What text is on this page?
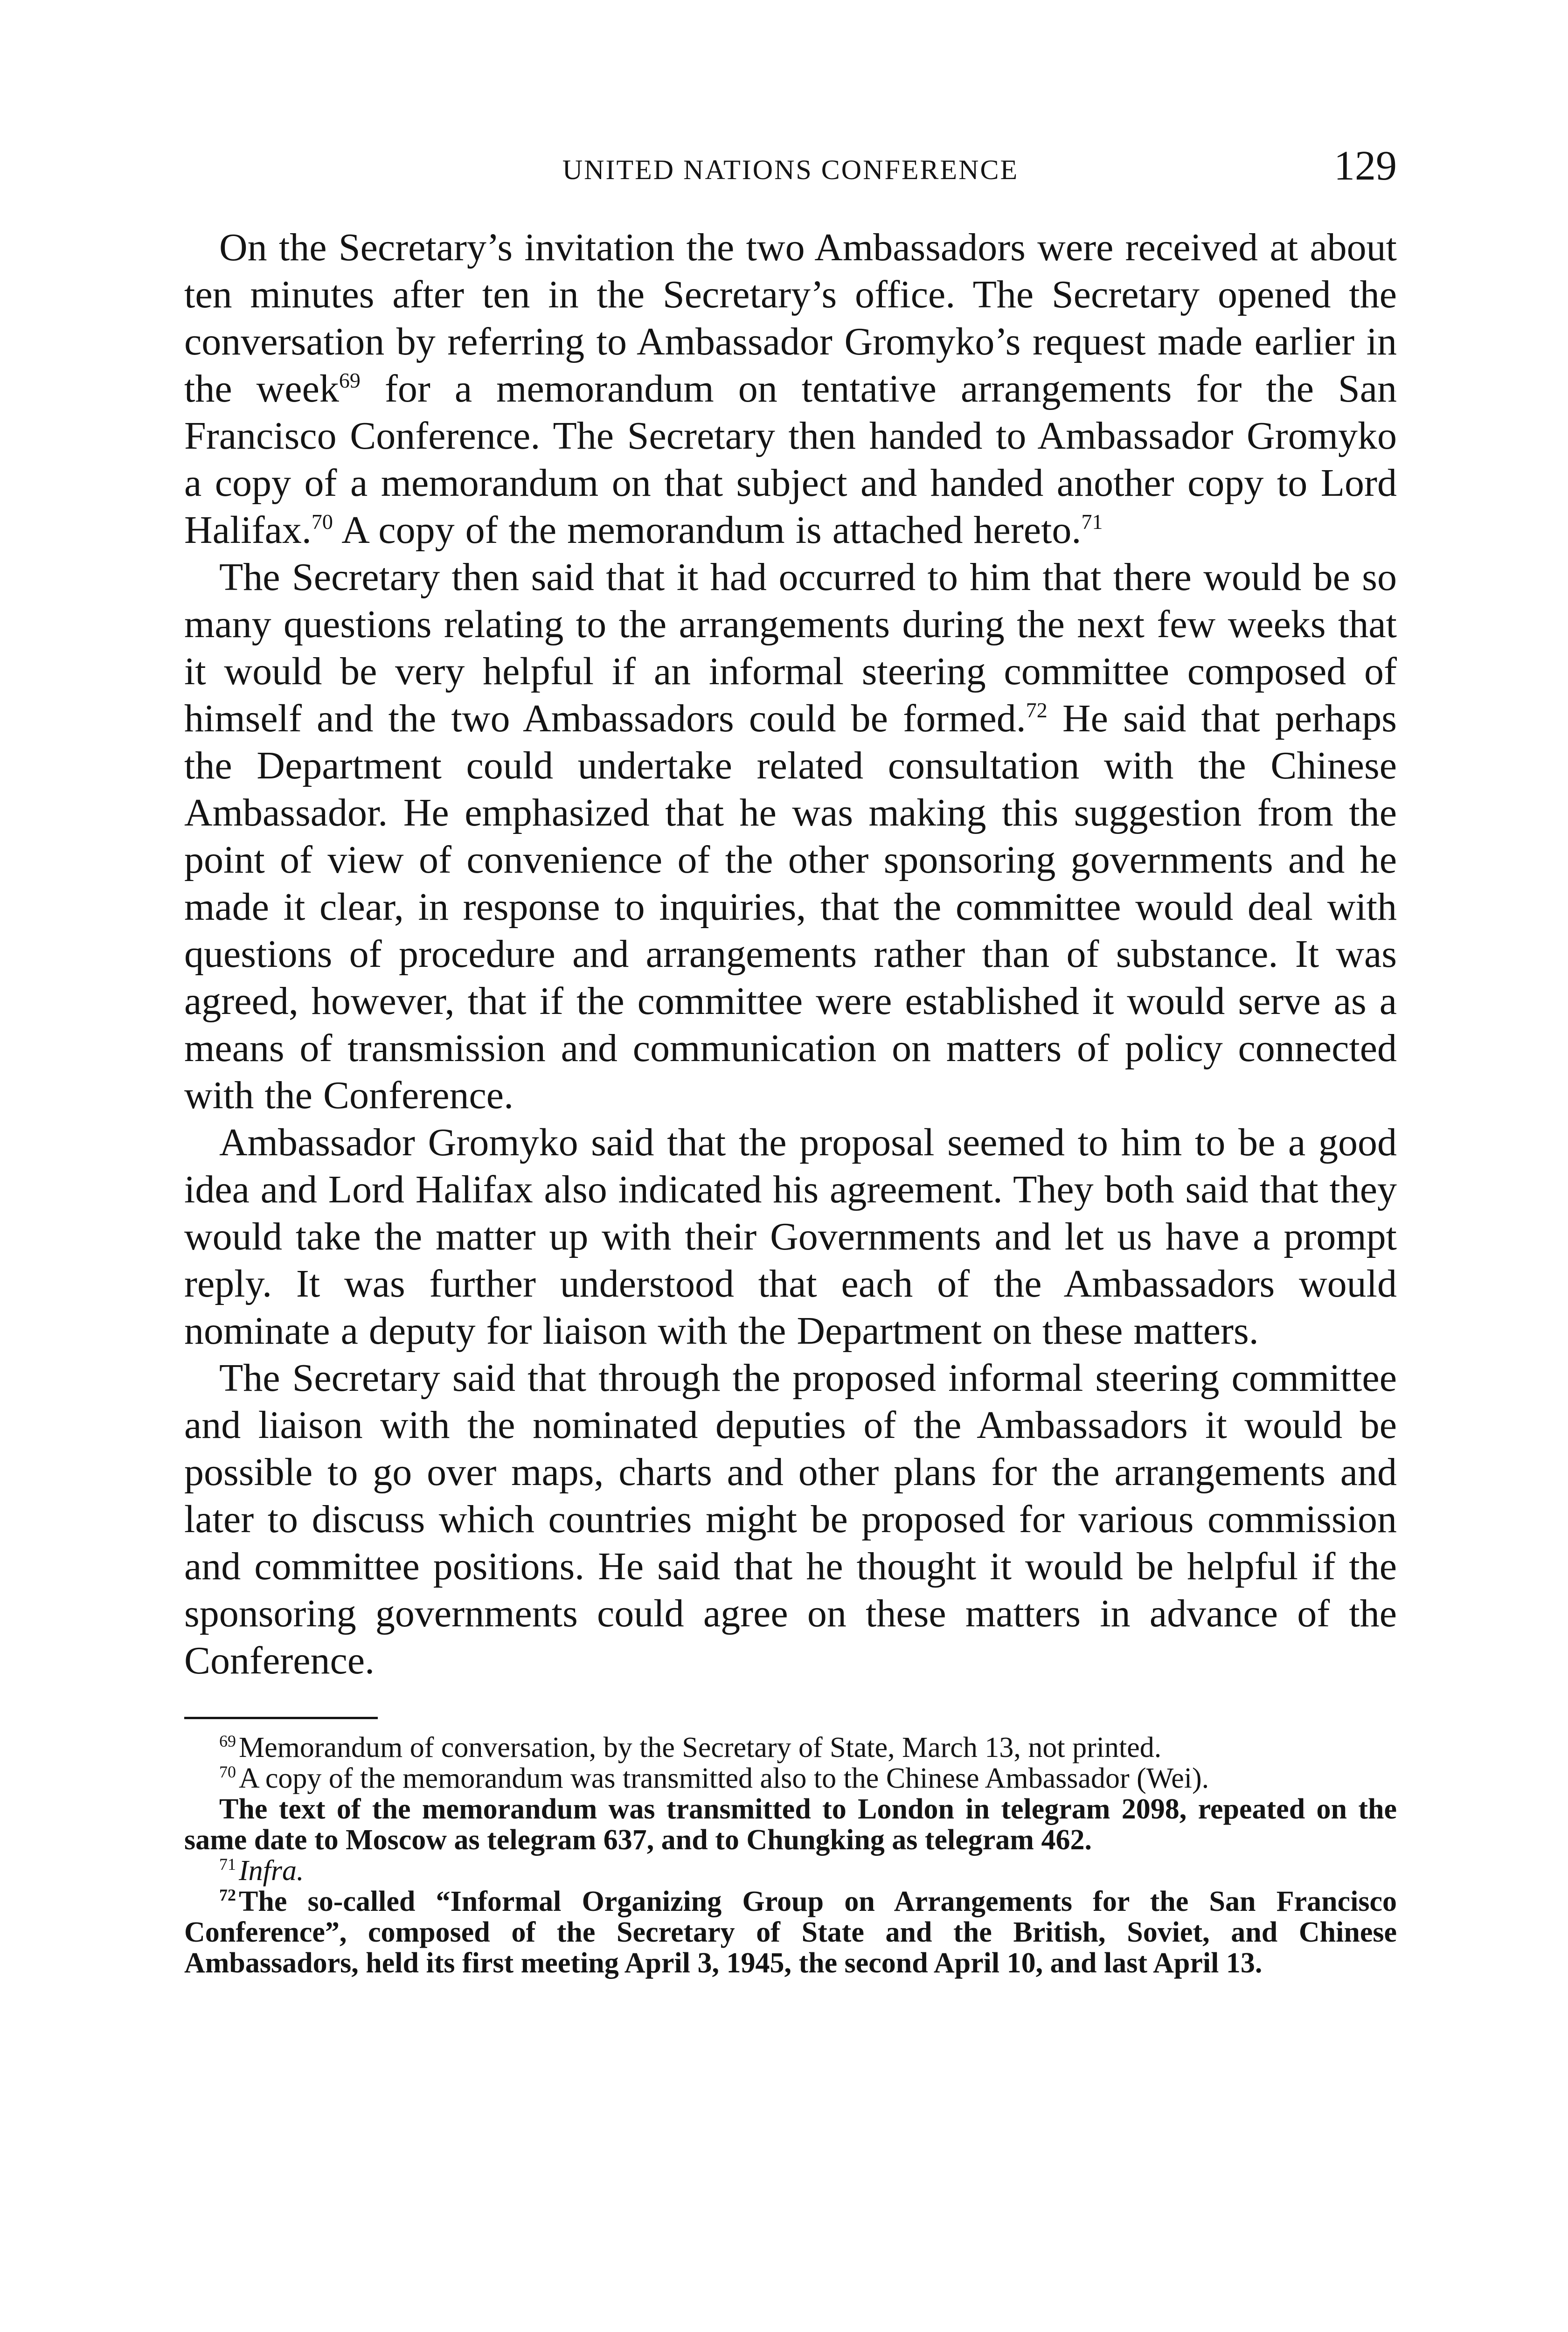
UNITED NATIONS CONFERENCE	129

On the Secretary’s invitation the two Ambassadors were received at about ten minutes after ten in the Secretary’s office. The Secretary opened the conversation by referring to Ambassador Gromyko’s request made earlier in the week$^{69}$ for a memorandum on tentative arrangements for the San Francisco Conference. The Secretary then handed to Ambassador Gromyko a copy of a memorandum on that subject and handed another copy to Lord Halifax.$^{70}$ A copy of the memorandum is attached hereto.$^{71}$

The Secretary then said that it had occurred to him that there would be so many questions relating to the arrangements during the next few weeks that it would be very helpful if an informal steering committee composed of himself and the two Ambassadors could be formed.$^{72}$ He said that perhaps the Department could undertake related consultation with the Chinese Ambassador. He emphasized that he was making this suggestion from the point of view of convenience of the other sponsoring governments and he made it clear, in response to inquiries, that the committee would deal with questions of procedure and arrangements rather than of substance. It was agreed, however, that if the committee were established it would serve as a means of transmission and communication on matters of policy connected with the Conference.

Ambassador Gromyko said that the proposal seemed to him to be a good idea and Lord Halifax also indicated his agreement. They both said that they would take the matter up with their Governments and let us have a prompt reply. It was further understood that each of the Ambassadors would nominate a deputy for liaison with the Department on these matters.

The Secretary said that through the proposed informal steering committee and liaison with the nominated deputies of the Ambassadors it would be possible to go over maps, charts and other plans for the arrangements and later to discuss which countries might be proposed for various commission and committee positions. He said that he thought it would be helpful if the sponsoring governments could agree on these matters in advance of the Conference.

$^{69}$Memorandum of conversation, by the Secretary of State, March 13, not printed.

$^{70}$A copy of the memorandum was transmitted also to the Chinese Ambassador (Wei).

The text of the memorandum was transmitted to London in telegram 2098, repeated on the same date to Moscow as telegram 637, and to Chungking as telegram 462.

$^{71}$Infra.

$^{72}$The so-called “Informal Organizing Group on Arrangements for the San Francisco Conference”, composed of the Secretary of State and the British, Soviet, and Chinese Ambassadors, held its first meeting April 3, 1945, the second April 10, and last April 13.
